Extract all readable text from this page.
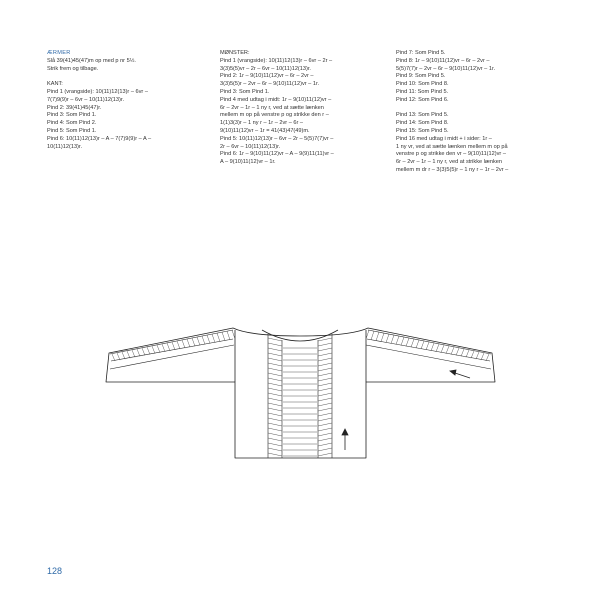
ÆRMER
Slå 39(41)45(47)m op med p nr 5½.
Strik frem og tilbage.
KANT:
Pind 1 (vrangside): 10(11)12(13)r – 6vr –
7(7)9(9)r – 6vr – 10(11)12(13)r.
Pind 2: 39(41)45(47)r.
Pind 3: Som Pind 1.
Pind 4: Som Pind 2.
Pind 5: Som Pind 1.
Pind 6: 10(11)12(13)r – A – 7(7)9(9)r – A –
10(11)12(13)r.
MØNSTER:
Pind 1 (vrangside): 10(11)12(13)r – 6vr – 2r –
3(3)5(5)vr – 2r – 6vr – 10(11)12(13)r.
Pind 2: 1r – 9(10)11(12)vr – 6r – 2vr –
3(3)5(5)r – 2vr – 6r – 9(10)11(12)vr – 1r.
Pind 3: Som Pind 1.
Pind 4 med udtag i midt: 1r – 9(10)11(12)vr –
6r – 2vr – 1r – 1 ny r, ved at sætte lænken
mellem m op på venstre p og strikke den r –
1(1)3(3)r – 1 ny r – 1r – 2vr – 6r –
9(10)11(12)vr – 1r = 41(43)47(49)m.
Pind 5: 10(11)12(13)r – 6vr – 2r – 5(5)7(7)vr –
2r – 6vr – 10(11)12(13)r.
Pind 6: 1r – 9(10)11(12)vr – A – 9(9)11(11)vr –
A – 9(10)11(12)vr – 1r.
Pind 7: Som Pind 5.
Pind 8: 1r – 9(10)11(12)vr – 6r – 2vr –
5(5)7(7)r – 2vr – 6r – 9(10)11(12)vr – 1r.
Pind 9: Som Pind 5.
Pind 10: Som Pind 8.
Pind 11: Som Pind 5.
Pind 12: Som Pind 6.
Pind 13: Som Pind 5.
Pind 14: Som Pind 8.
Pind 15: Som Pind 5.
Pind 16 med udtag i midt + i sider: 1r –
1 ny vr, ved at sætte lænken mellem m op på
venstre p og strikke den vr – 9(10)11(12)vr –
6r – 2vr – 1r – 1 ny r, ved at strikke lænken
mellem m dr r – 3(3)5(5)r – 1 ny r – 1r – 2vr –
128
